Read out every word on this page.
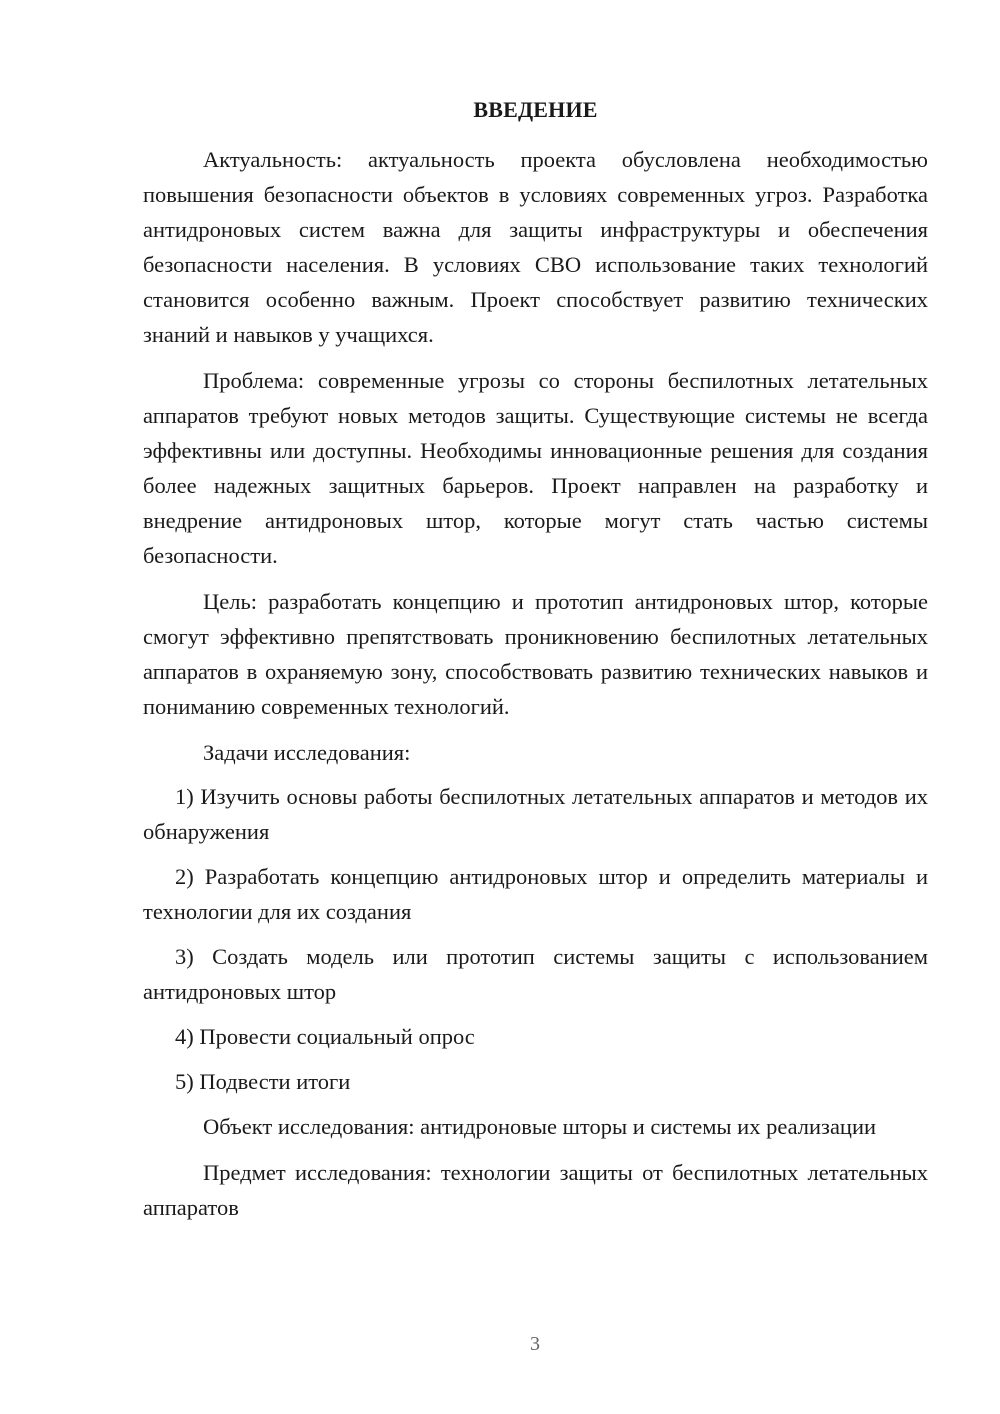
ВВЕДЕНИЕ

Актуальность: актуальность проекта обусловлена необходимостью повышения безопасности объектов в условиях современных угроз. Разработка антидроновых систем важна для защиты инфраструктуры и обеспечения безопасности населения. В условиях СВО использование таких технологий становится особенно важным. Проект способствует развитию технических знаний и навыков у учащихся.

Проблема: современные угрозы со стороны беспилотных летательных аппаратов требуют новых методов защиты. Существующие системы не всегда эффективны или доступны. Необходимы инновационные решения для создания более надежных защитных барьеров. Проект направлен на разработку и внедрение антидроновых штор, которые могут стать частью системы безопасности.

Цель: разработать концепцию и прототип антидроновых штор, которые смогут эффективно препятствовать проникновению беспилотных летательных аппаратов в охраняемую зону, способствовать развитию технических навыков и пониманию современных технологий.

Задачи исследования:

1) Изучить основы работы беспилотных летательных аппаратов и методов их обнаружения

2) Разработать концепцию антидроновых штор и определить материалы и технологии для их создания

3) Создать модель или прототип системы защиты с использованием антидроновых штор

4) Провести социальный опрос

5) Подвести итоги

Объект исследования: антидроновые шторы и системы их реализации

Предмет исследования: технологии защиты от беспилотных летательных аппаратов

3
